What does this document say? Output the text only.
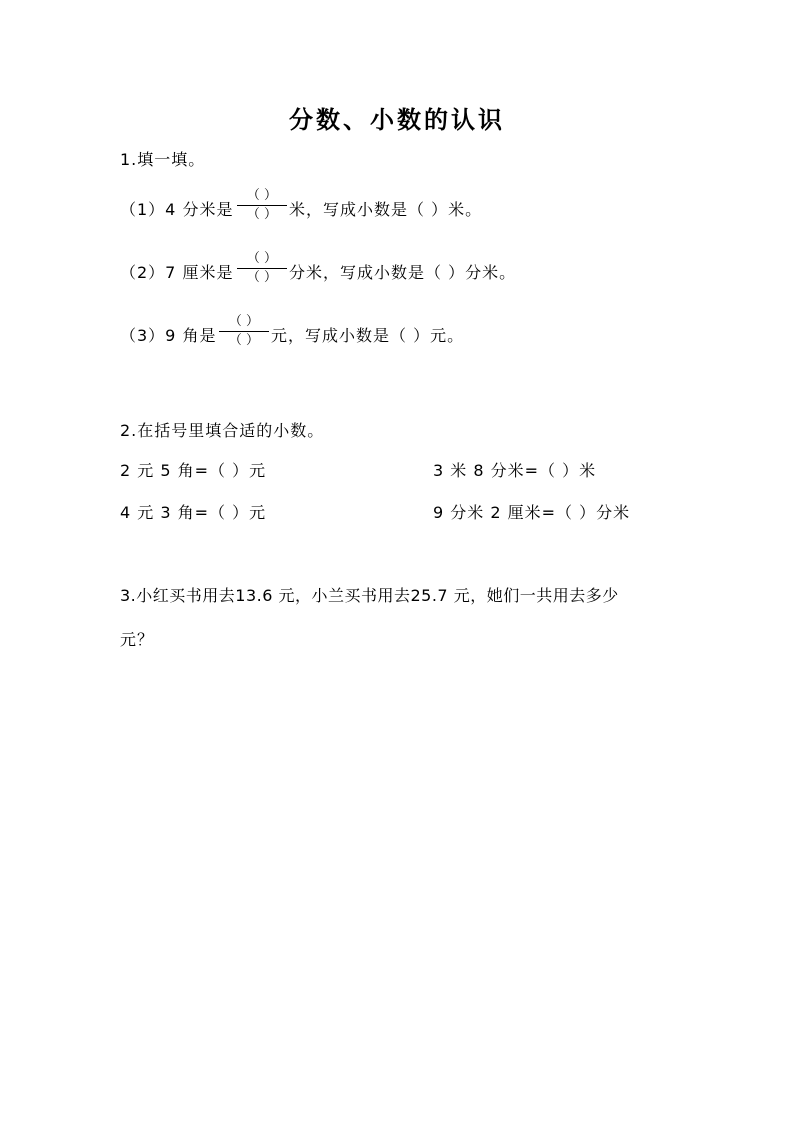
分数、小数的认识
1.填一填。
（1）4 分米是
（ ）
（ ） 米，写成小数是（ ）米。
（2）7 厘米是
（ ）
（ ） 分米，写成小数是（ ）分米。
（3）9 角是
（ ）
（ ） 元，写成小数是（ ）元。
2.在括号里填合适的小数。
2 元 5 角=（ ）元	3 米 8 分米=（ ）米
4 元 3 角=（ ）元	9 分米 2 厘米=（ ）分米
3.小红买书用去13.6 元，小兰买书用去25.7 元，她们一共用去多少
元？
